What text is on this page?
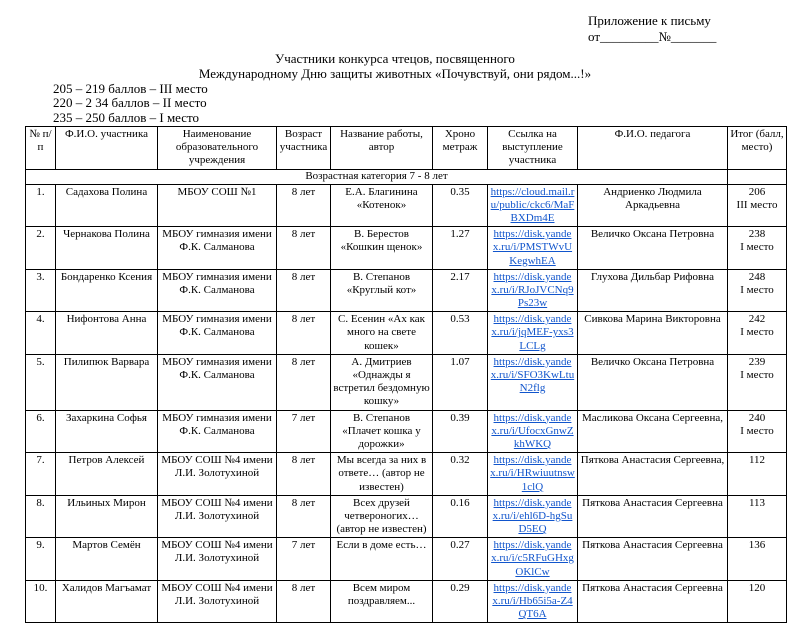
Приложение к письму
от_________№_______
Участники конкурса чтецов, посвященного
Международному Дню защиты животных «Почувствуй, они рядом...!»
205 – 219 баллов – III место
220 – 2 34 баллов – II место
235 – 250 баллов – I место
№ п/п	Ф.И.О. участника	Наименование образовательного учреждения	Возраст участника	Название работы, автор	Хроно метраж	Ссылка на выступление участника	Ф.И.О. педагога	Итог (балл, место)
Возрастная категория 7 - 8 лет								
1.	Садахова Полина	МБОУ СОШ №1	8 лет	Е.А. Благинина «Котенок»	0.35	https://cloud.mail.ru/public/ckc6/MaFBXDm4E	Андриенко Людмила Аркадьевна	206
III место

2.	Чернакова Полина	МБОУ гимназия имени Ф.К. Салманова	8 лет	В. Берестов «Кошкин щенок»	1.27	https://disk.yandex.ru/i/PMSTWvUKegwhEA	Величко Оксана Петровна	238
I место

3.	Бондаренко Ксения	МБОУ гимназия имени Ф.К. Салманова	8 лет	В. Степанов «Круглый кот»	2.17	https://disk.yandex.ru/i/RJoJVCNq9Ps23w	Глухова Дильбар Рифовна	248
I место

4.	Нифонтова Анна	МБОУ гимназия имени Ф.К. Салманова	8 лет	С. Есенин «Ах как много на свете кошек»	0.53	https://disk.yandex.ru/i/jqMEF-yxs3LCLg	Сивкова Марина Викторовна	242
I место

5.	Пилипюк Варвара	МБОУ гимназия имени Ф.К. Салманова	8 лет	А. Дмитриев «Однажды я встретил бездомную кошку»	1.07	https://disk.yandex.ru/i/SFO3KwLtuN2flg	Величко Оксана Петровна	239
I место

6.	Захаркина Софья	МБОУ гимназия имени Ф.К. Салманова	7 лет	В. Степанов «Плачет кошка у дорожки»	0.39	https://disk.yandex.ru/i/UfocxGnwZkhWKQ	Масликова Оксана Сергеевна,	240
I место

7.	Петров Алексей	МБОУ СОШ №4 имени Л.И. Золотухиной	8 лет	Мы всегда за них в ответе… (автор не известен)	0.32	https://disk.yandex.ru/i/HRwiuutnsw1clQ	Пяткова Анастасия Сергеевна,	112

8.	Ильиных Мирон	МБОУ СОШ №4 имени Л.И. Золотухиной	8 лет	Всех друзей четвероногих… (автор не известен)	0.16	https://disk.yandex.ru/i/ehl6D-hgSuD5EQ	Пяткова Анастасия Сергеевна	113

9.	Мартов Семён	МБОУ СОШ №4 имени Л.И. Золотухиной	7 лет	Если в доме есть…	0.27	https://disk.yandex.ru/i/c5RFuGHxgOKlCw	Пяткова Анастасия Сергеевна	136

10.	Халидов Магъамат	МБОУ СОШ №4 имени Л.И. Золотухиной	8 лет	Всем миром поздравляем...	0.29	https://disk.yandex.ru/i/Hb65i5a-Z4QT6A	Пяткова Анастасия Сергеевна	120
